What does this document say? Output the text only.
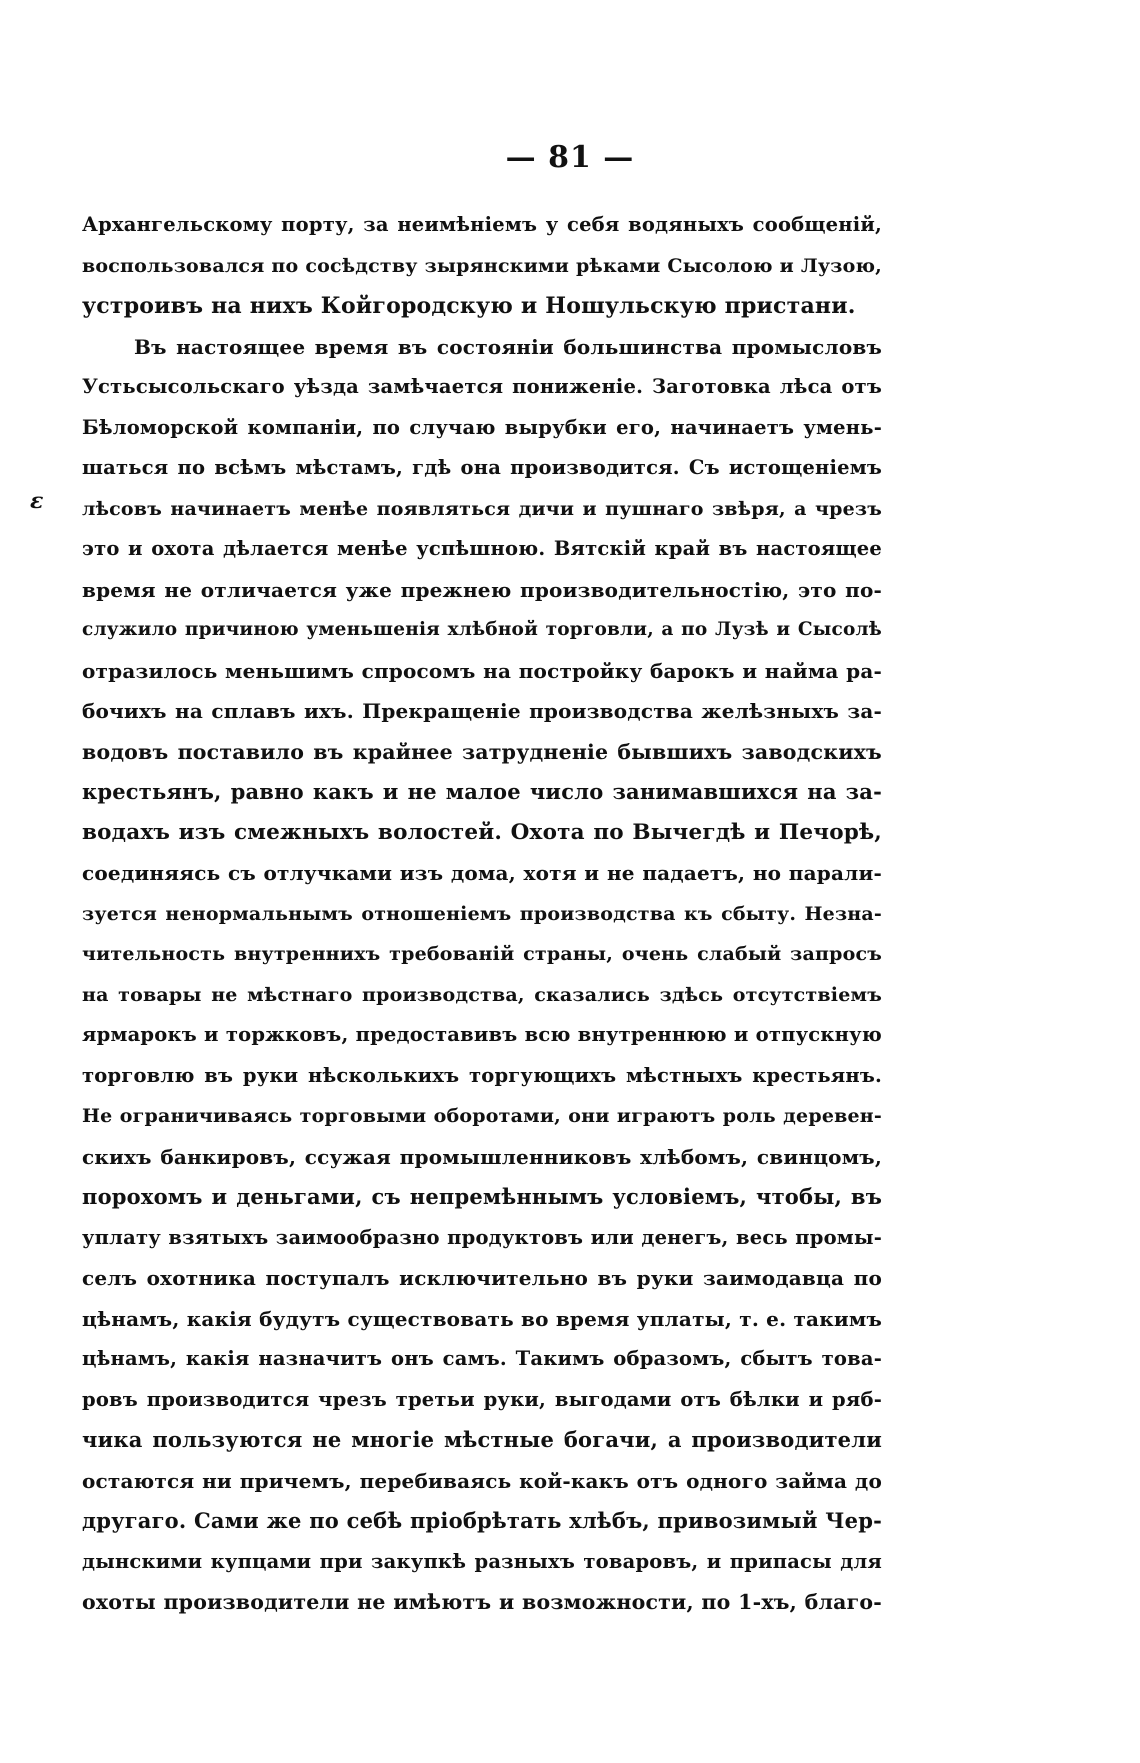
— 81 —
ɛ
Архангельскому порту, за неимѣніемъ у себя водяныхъ сообщеній,
воспользовался по сосѣдству зырянскими рѣками Сысолою и Лузою,
устроивъ на нихъ Койгородскую и Ношульскую пристани.
Въ настоящее время въ состояніи большинства промысловъ
Устьсысольскаго уѣзда замѣчается пониженіе. Заготовка лѣса отъ
Бѣломорской компаніи, по случаю вырубки его, начинаетъ умень-
шаться по всѣмъ мѣстамъ, гдѣ она производится. Съ истощеніемъ
лѣсовъ начинаетъ менѣе появляться дичи и пушнаго звѣря, а чрезъ
это и охота дѣлается менѣе успѣшною. Вятскій край въ настоящее
время не отличается уже прежнею производительностію, это по-
служило причиною уменьшенія хлѣбной торговли, а по Лузѣ и Сысолѣ
отразилось меньшимъ спросомъ на постройку барокъ и найма ра-
бочихъ на сплавъ ихъ. Прекращеніе производства желѣзныхъ за-
водовъ поставило въ крайнее затрудненіе бывшихъ заводскихъ
крестьянъ, равно какъ и не малое число занимавшихся на за-
водахъ изъ смежныхъ волостей. Охота по Вычегдѣ и Печорѣ,
соединяясь съ отлучками изъ дома, хотя и не падаетъ, но парали-
зуется ненормальнымъ отношеніемъ производства къ сбыту. Незна-
чительность внутреннихъ требованій страны, очень слабый запросъ
на товары не мѣстнаго производства, сказались здѣсь отсутствіемъ
ярмарокъ и торжковъ, предоставивъ всю внутреннюю и отпускную
торговлю въ руки нѣсколькихъ торгующихъ мѣстныхъ крестьянъ.
Не ограничиваясь торговыми оборотами, они играютъ роль деревен-
скихъ банкировъ, ссужая промышленниковъ хлѣбомъ, свинцомъ,
порохомъ и деньгами, съ непремѣннымъ условіемъ, чтобы, въ
уплату взятыхъ заимообразно продуктовъ или денегъ, весь промы-
селъ охотника поступалъ исключительно въ руки заимодавца по
цѣнамъ, какія будутъ существовать во время уплаты, т. е. такимъ
цѣнамъ, какія назначитъ онъ самъ. Такимъ образомъ, сбытъ това-
ровъ производится чрезъ третьи руки, выгодами отъ бѣлки и ряб-
чика пользуются не многіе мѣстные богачи, а производители
остаются ни причемъ, перебиваясь кой-какъ отъ одного займа до
другаго. Сами же по себѣ пріобрѣтать хлѣбъ, привозимый Чер-
дынскими купцами при закупкѣ разныхъ товаровъ, и припасы для
охоты производители не имѣютъ и возможности, по 1-хъ, благо-
